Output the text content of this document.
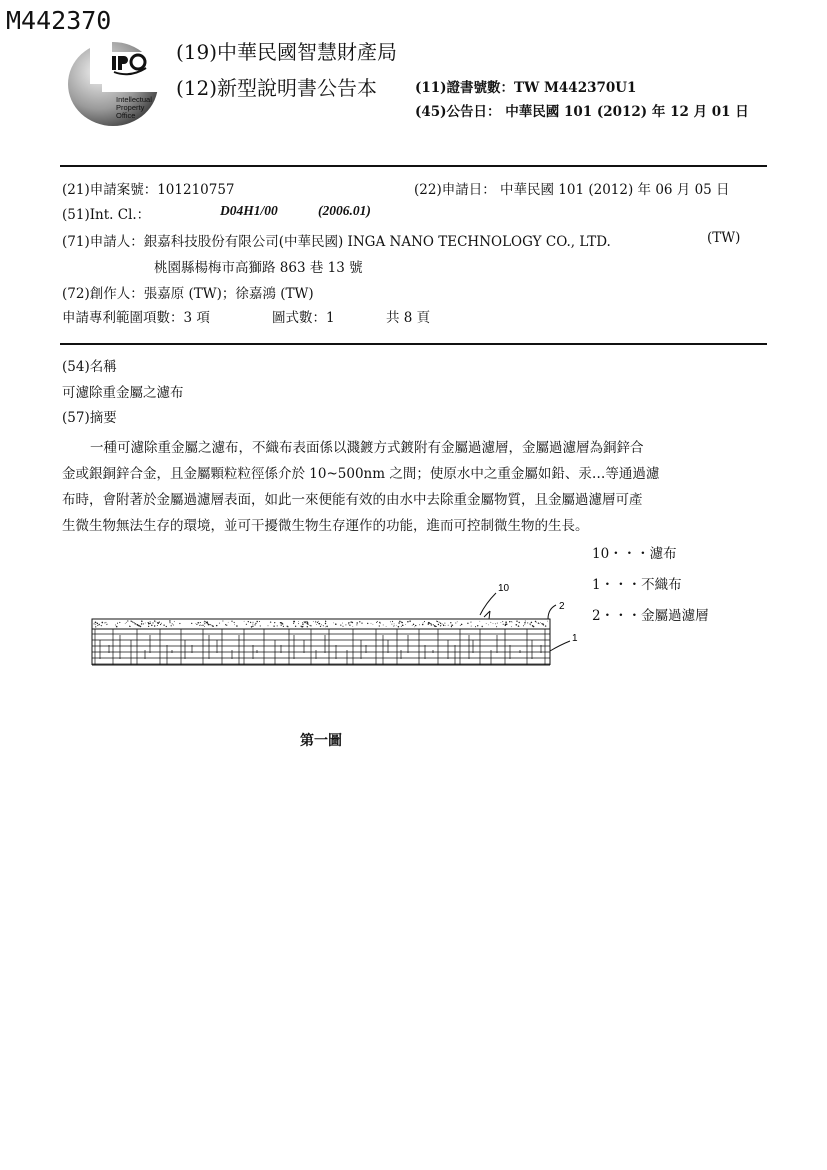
M442370
Intellectual
Property
Office
(19)中華民國智慧財產局
(12)新型說明書公告本	(11)證書號數：TW M442370U1
(45)公告日： 中華民國 101 (2012) 年 12 月 01 日
(21)申請案號：101210757	(22)申請日： 中華民國 101 (2012) 年 06 月 05 日
(51)Int. Cl.：	D04H1/00	(2006.01)
(71)申請人：銀嘉科技股份有限公司(中華民國) INGA NANO TECHNOLOGY CO., LTD.	(TW)
桃園縣楊梅市高獅路 863 巷 13 號
(72)創作人：張嘉原 (TW)；徐嘉鴻 (TW)
申請專利範圍項數：3 項	圖式數：1	共 8 頁
(54)名稱
可濾除重金屬之濾布
(57)摘要
一種可濾除重金屬之濾布，不織布表面係以濺鍍方式鍍附有金屬過濾層，金屬過濾層為銅鋅合
金或銀銅鋅合金，且金屬顆粒粒徑係介於 10~500nm 之間；使原水中之重金屬如鉛、汞…等通過濾
布時，會附著於金屬過濾層表面，如此一來便能有效的由水中去除重金屬物質，且金屬過濾層可產
生微生物無法生存的環境，並可干擾微生物生存運作的功能，進而可控制微生物的生長。
10・・・濾布
1・・・不織布
2・・・金屬過濾層
10
2
1
第一圖
